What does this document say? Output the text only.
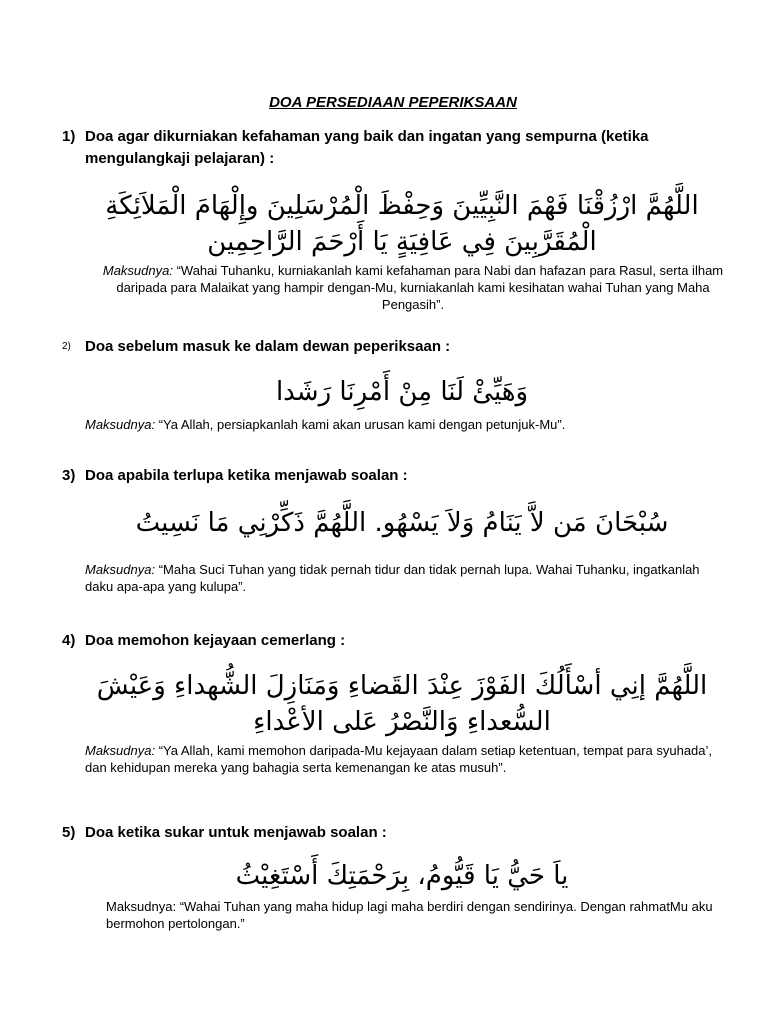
DOA PERSEDIAAN PEPERIKSAAN
1) Doa agar dikurniakan kefahaman yang baik dan ingatan yang sempurna (ketika mengulangkaji pelajaran) :
اللَّهُمَّ ارْزُقْنَا فَهْمَ النَّبِيِّينَ وَحِفْظَ الْمُرْسَلِينَ وإِلْهَامَ الْمَلاَئِكَةِ الْمُقَرَّبِينَ فِي عَافِيَةٍ يَا أَرْحَمَ الرَّاحِمِين
Maksudnya: “Wahai Tuhanku, kurniakanlah kami kefahaman para Nabi dan hafazan para Rasul, serta ilham daripada para Malaikat yang hampir dengan-Mu, kurniakanlah kami kesihatan wahai Tuhan yang Maha Pengasih”.
2) Doa sebelum masuk ke dalam dewan peperiksaan :
وَهَيِّئْ لَنَا مِنْ أَمْرِنَا رَشَدا
Maksudnya: “Ya Allah, persiapkanlah kami akan urusan kami dengan petunjuk-Mu”.
3) Doa apabila terlupa ketika menjawab soalan :
سُبْحَانَ مَن لاَّ يَنَامُ وَلاَ يَسْهُو. اللَّهُمَّ ذَكِّرْنِي مَا نَسِيتُ
Maksudnya: “Maha Suci Tuhan yang tidak pernah tidur dan tidak pernah lupa. Wahai Tuhanku, ingatkanlah daku apa-apa yang kulupa”.
4) Doa memohon kejayaan cemerlang :
اللَّهُمَّ إنِي أسْأَلُكَ الفَوْزَ عِنْدَ القَضاءِ وَمَنَازِلَ الشُّهداءِ وَعَيْشَ السُّعداءِ وَالنَّصْرُ عَلى الأعْداءِ
Maksudnya: “Ya Allah, kami memohon daripada-Mu kejayaan dalam setiap ketentuan, tempat para syuhada’, dan kehidupan mereka yang bahagia serta kemenangan ke atas musuh”.
5) Doa ketika sukar untuk menjawab soalan :
ياَ حَيُّ يَا قَيُّومُ، بِرَحْمَتِكَ أَسْتَغِيْثُ
Maksudnya: “Wahai Tuhan yang maha hidup lagi maha berdiri dengan sendirinya. Dengan rahmatMu aku bermohon pertolongan.”
